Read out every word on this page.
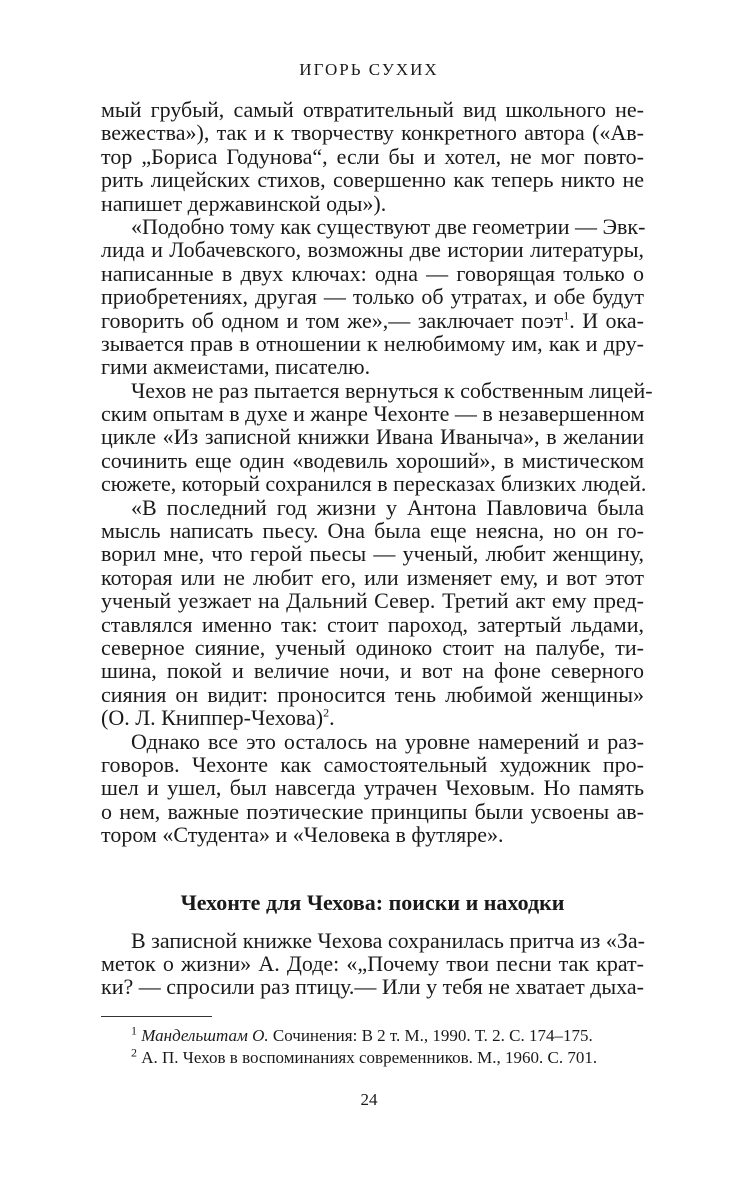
ИГОРЬ СУХИХ
мый грубый, самый отвратительный вид школьного не-
вежества»), так и к творчеству конкретного автора («Ав-
тор „Бориса Годунова“, если бы и хотел, не мог повто-
рить лицейских стихов, совершенно как теперь никто не
напишет державинской оды»).
«Подобно тому как существуют две геометрии — Эвк-
лида и Лобачевского, возможны две истории литературы,
написанные в двух ключах: одна — говорящая только о
приобретениях, другая — только об утратах, и обе будут
говорить об одном и том же»,— заключает поэт$^1$. И ока-
зывается прав в отношении к нелюбимому им, как и дру-
гими акмеистами, писателю.
Чехов не раз пытается вернуться к собственным лицей-
ским опытам в духе и жанре Чехонте — в незавершенном
цикле «Из записной книжки Ивана Иваныча», в желании
сочинить еще один «водевиль хороший», в мистическом
сюжете, который сохранился в пересказах близких людей.
«В последний год жизни у Антона Павловича была
мысль написать пьесу. Она была еще неясна, но он го-
ворил мне, что герой пьесы — ученый, любит женщину,
которая или не любит его, или изменяет ему, и вот этот
ученый уезжает на Дальний Север. Третий акт ему пред-
ставлялся именно так: стоит пароход, затертый льдами,
северное сияние, ученый одиноко стоит на палубе, ти-
шина, покой и величие ночи, и вот на фоне северного
сияния он видит: проносится тень любимой женщины»
(О. Л. Книппер-Чехова)$^2$.
Однако все это осталось на уровне намерений и раз-
говоров. Чехонте как самостоятельный художник про-
шел и ушел, был навсегда утрачен Чеховым. Но память
о нем, важные поэтические принципы были усвоены ав-
тором «Студента» и «Человека в футляре».
Чехонте для Чехова: поиски и находки
В записной книжке Чехова сохранилась притча из «За-
меток о жизни» А. Доде: «„Почему твои песни так крат-
ки? — спросили раз птицу.— Или у тебя не хватает дыха-
$^1$ Мандельштам О. Сочинения: В 2 т. М., 1990. Т. 2. С. 174–175.
$^2$ А. П. Чехов в воспоминаниях современников. М., 1960. С. 701.
24
